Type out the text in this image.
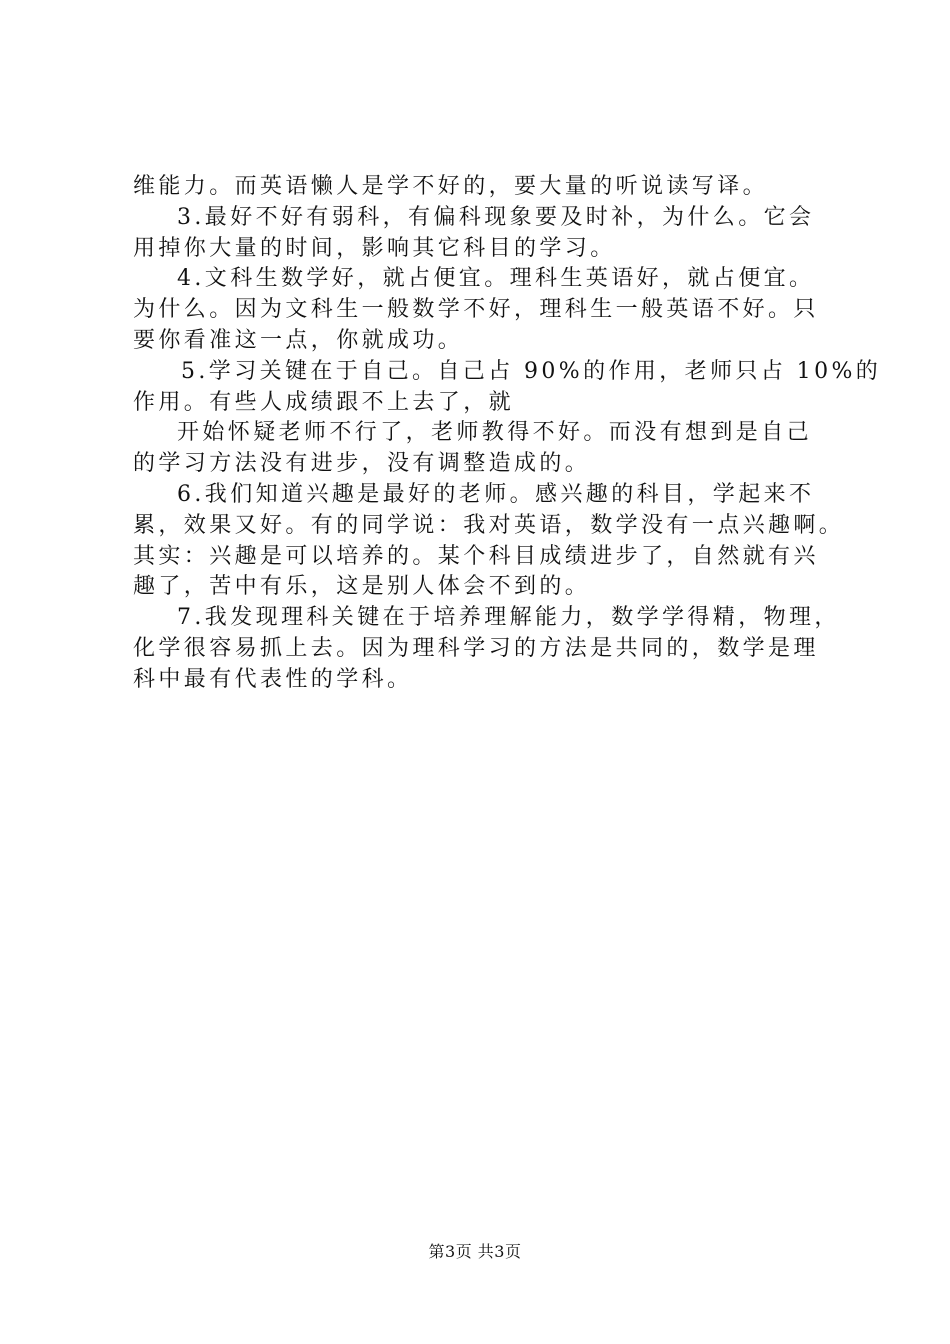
维能力。而英语懒人是学不好的，要大量的听说读写译。
3.最好不好有弱科，有偏科现象要及时补，为什么。它会
用掉你大量的时间，影响其它科目的学习。
4.文科生数学好，就占便宜。理科生英语好，就占便宜。
为什么。因为文科生一般数学不好，理科生一般英语不好。只
要你看准这一点，你就成功。
5.学习关键在于自己。自己占 90%的作用，老师只占 10%的
作用。有些人成绩跟不上去了，就
开始怀疑老师不行了，老师教得不好。而没有想到是自己
的学习方法没有进步，没有调整造成的。
6.我们知道兴趣是最好的老师。感兴趣的科目，学起来不
累，效果又好。有的同学说：我对英语，数学没有一点兴趣啊。
其实：兴趣是可以培养的。某个科目成绩进步了，自然就有兴
趣了，苦中有乐，这是别人体会不到的。
7.我发现理科关键在于培养理解能力，数学学得精，物理，
化学很容易抓上去。因为理科学习的方法是共同的，数学是理
科中最有代表性的学科。
第3页 共3页
